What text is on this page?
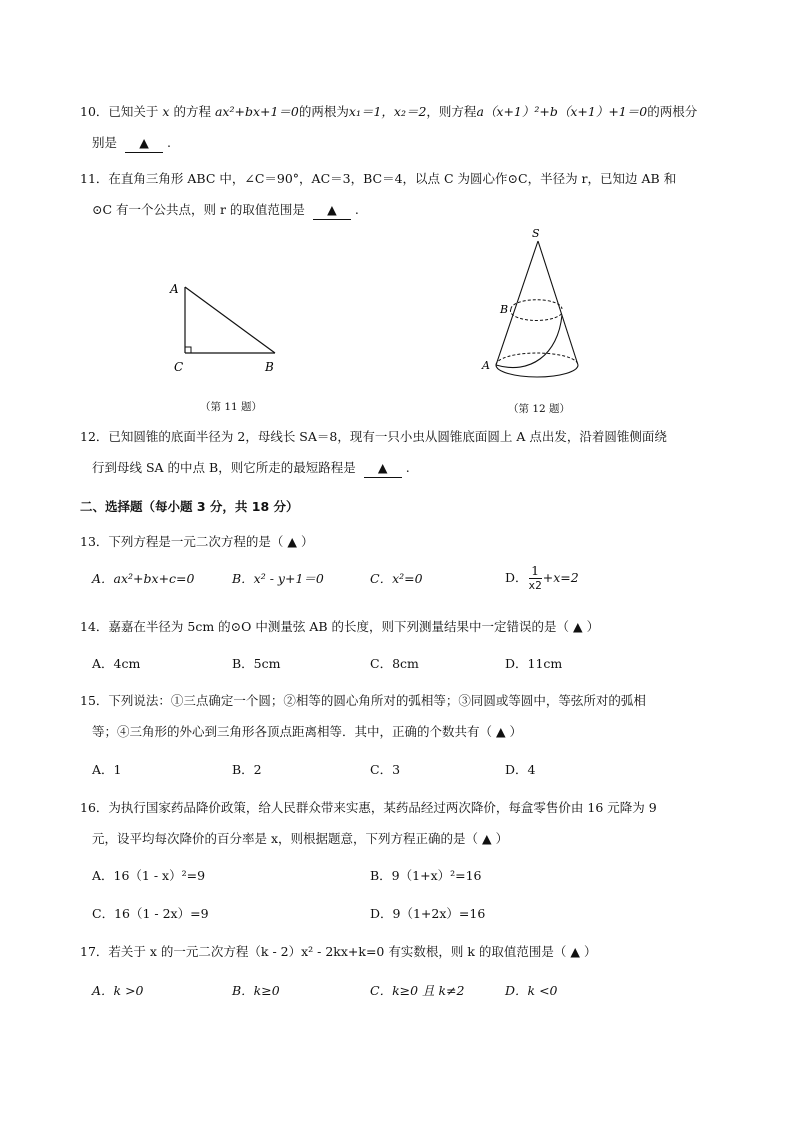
10．已知关于 x 的方程 ax²+bx+1＝0的两根为x₁＝1，x₂＝2，则方程a（x+1）²+b（x+1）+1＝0的两根分
别是 ▲ .
11．在直角三角形 ABC 中，∠C＝90°，AC＝3，BC＝4，以点 C 为圆心作⊙C，半径为 r，已知边 AB 和
⊙C 有一个公共点，则 r 的取值范围是 ▲ .
A
C	B
（第 11 题）
S
B
A
（第 12 题）
12．已知圆锥的底面半径为 2，母线长 SA＝8，现有一只小虫从圆锥底面圆上 A 点出发，沿着圆锥侧面绕
行到母线 SA 的中点 B，则它所走的最短路程是 ▲ .
二、选择题（每小题 3 分，共 18 分）
13．下列方程是一元二次方程的是（ ▲ ）
A．ax²+bx+c=0	B．x² - y+1＝0	C．x²=0	D． $\frac{1}{x2} +x=2$
14．嘉嘉在半径为 5cm 的⊙O 中测量弦 AB 的长度，则下列测量结果中一定错误的是（ ▲ ）
A．4cm	B．5cm	C．8cm	D．11cm
15．下列说法：①三点确定一个圆；②相等的圆心角所对的弧相等；③同圆或等圆中，等弦所对的弧相
等；④三角形的外心到三角形各顶点距离相等．其中，正确的个数共有（ ▲ ）
A．1	B．2	C．3	D．4
16．为执行国家药品降价政策，给人民群众带来实惠，某药品经过两次降价，每盒零售价由 16 元降为 9
元，设平均每次降价的百分率是 x，则根据题意，下列方程正确的是（ ▲ ）
A．16（1 - x）²=9	B．9（1+x）²=16
C．16（1 - 2x）=9	D．9（1+2x）=16
17．若关于 x 的一元二次方程（k - 2）x² - 2kx+k=0 有实数根，则 k 的取值范围是（ ▲ ）
A．k >0	B．k≥0	C．k≥0 且 k≠2	D．k <0
